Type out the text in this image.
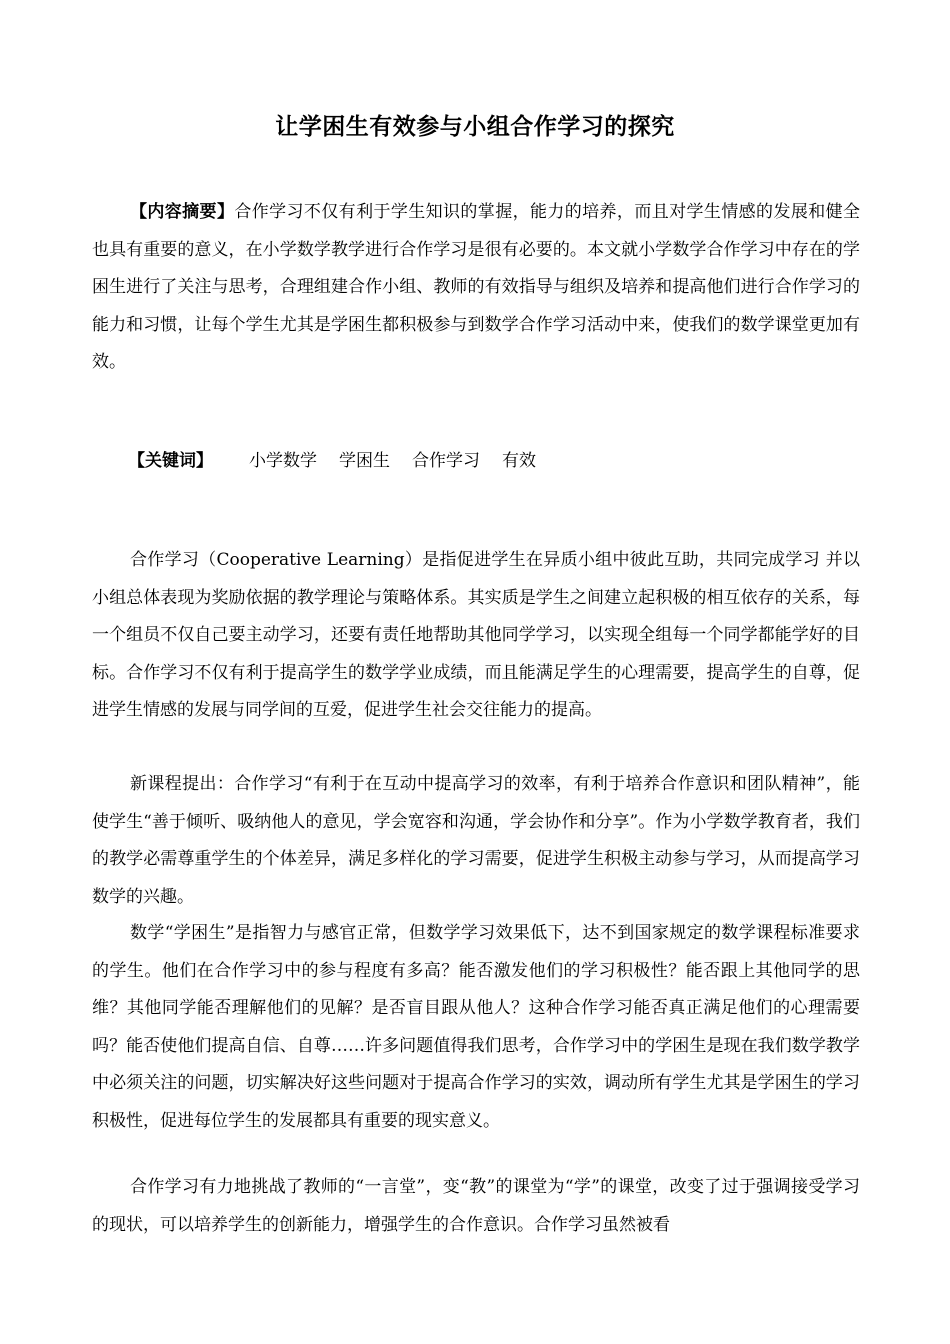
让学困生有效参与小组合作学习的探究

【内容摘要】合作学习不仅有利于学生知识的掌握，能力的培养，而且对学生情感的发展和健全也具有重要的意义，在小学数学教学进行合作学习是很有必要的。本文就小学数学合作学习中存在的学困生进行了关注与思考，合理组建合作小组、教师的有效指导与组织及培养和提高他们进行合作学习的能力和习惯，让每个学生尤其是学困生都积极参与到数学合作学习活动中来，使我们的数学课堂更加有效。

【关键词】 小学数学 学困生 合作学习 有效

合作学习（Cooperative Learning）是指促进学生在异质小组中彼此互助，共同完成学习 并以小组总体表现为奖励依据的教学理论与策略体系。其实质是学生之间建立起积极的相互依存的关系，每一个组员不仅自己要主动学习，还要有责任地帮助其他同学学习，以实现全组每一个同学都能学好的目标。合作学习不仅有利于提高学生的数学学业成绩，而且能满足学生的心理需要，提高学生的自尊，促进学生情感的发展与同学间的互爱，促进学生社会交往能力的提高。

新课程提出：合作学习“有利于在互动中提高学习的效率，有利于培养合作意识和团队精神”，能使学生“善于倾听、吸纳他人的意见，学会宽容和沟通，学会协作和分享”。作为小学数学教育者，我们的教学必需尊重学生的个体差异，满足多样化的学习需要，促进学生积极主动参与学习，从而提高学习数学的兴趣。

数学“学困生”是指智力与感官正常，但数学学习效果低下，达不到国家规定的数学课程标准要求的学生。他们在合作学习中的参与程度有多高？能否激发他们的学习积极性？能否跟上其他同学的思维？其他同学能否理解他们的见解？是否盲目跟从他人？这种合作学习能否真正满足他们的心理需要吗？能否使他们提高自信、自尊……许多问题值得我们思考，合作学习中的学困生是现在我们数学教学中必须关注的问题，切实解决好这些问题对于提高合作学习的实效，调动所有学生尤其是学困生的学习积极性，促进每位学生的发展都具有重要的现实意义。

合作学习有力地挑战了教师的“一言堂”，变“教”的课堂为“学”的课堂，改变了过于强调接受学习的现状，可以培养学生的创新能力，增强学生的合作意识。合作学习虽然被看
